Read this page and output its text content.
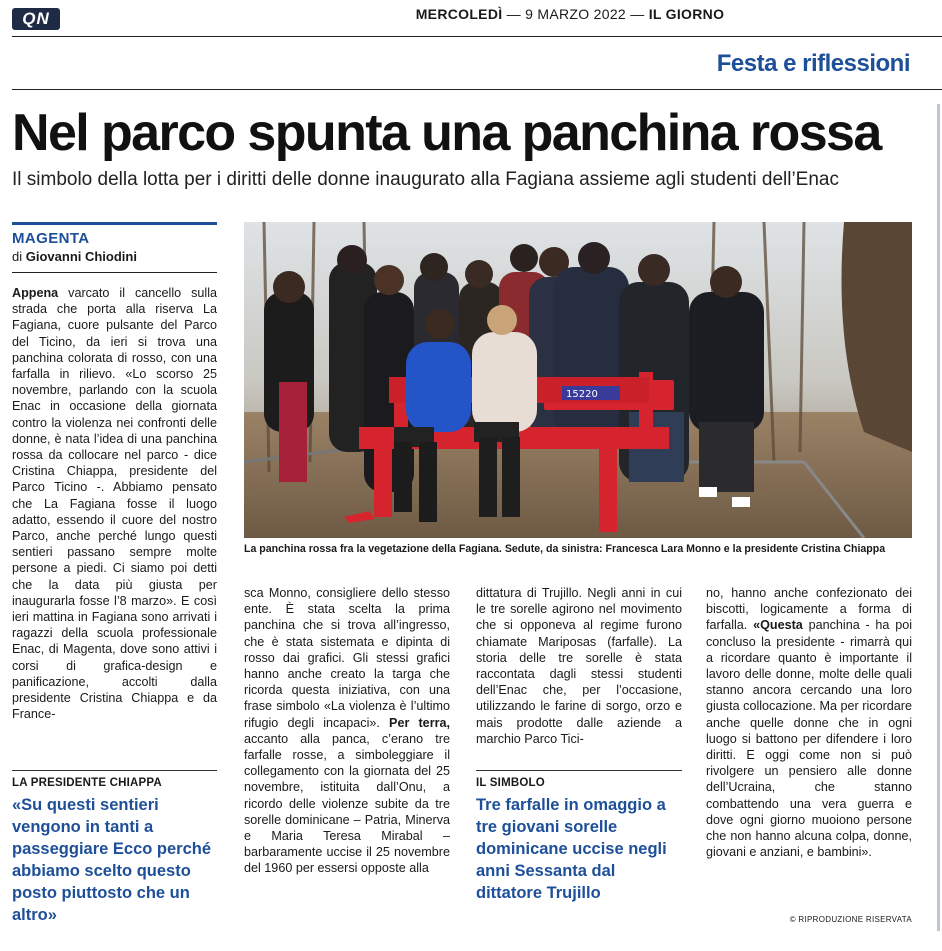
QN	MERCOLEDÌ — 9 MARZO 2022 — IL GIORNO
Festa e riflessioni
Nel parco spunta una panchina rossa
Il simbolo della lotta per i diritti delle donne inaugurato alla Fagiana assieme agli studenti dell’Enac
MAGENTA
di Giovanni Chiodini
Appena varcato il cancello sulla strada che porta alla riserva La Fagiana, cuore pulsante del Parco del Ticino, da ieri si trova una panchina colorata di rosso, con una farfalla in rilievo. «Lo scorso 25 novembre, parlando con la scuola Enac in occasione della giornata contro la violenza nei confronti delle donne, è nata l’idea di una panchina rossa da collocare nel parco - dice Cristina Chiappa, presidente del Parco Ticino -. Abbiamo pensato che La Fagiana fosse il luogo adatto, essendo il cuore del nostro Parco, anche perché lungo questi sentieri passano sempre molte persone a piedi. Ci siamo poi detti che la data più giusta per inaugurarla fosse l’8 marzo». E così ieri mattina in Fagiana sono arrivati i ragazzi della scuola professionale Enac, di Magenta, dove sono attivi i corsi di grafica-design e panificazione, accolti dalla presidente Cristina Chiappa e da France-
15220
La panchina rossa fra la vegetazione della Fagiana. Sedute, da sinistra: Francesca Lara Monno e la presidente Cristina Chiappa
sca Monno, consigliere dello stesso ente. È stata scelta la prima panchina che si trova all’ingresso, che è stata sistemata e dipinta di rosso dai grafici. Gli stessi grafici hanno anche creato la targa che ricorda questa iniziativa, con una frase simbolo «La violenza è l’ultimo rifugio degli incapaci». Per terra, accanto alla panca, c’erano tre farfalle rosse, a simboleggiare il collegamento con la giornata del 25 novembre, istituita dall’Onu, a ricordo delle violenze subite da tre sorelle dominicane – Patria, Minerva e Maria Teresa Mirabal – barbaramente uccise il 25 novembre del 1960 per essersi opposte alla
dittatura di Trujillo. Negli anni in cui le tre sorelle agirono nel movimento che si opponeva al regime furono chiamate Mariposas (farfalle). La storia delle tre sorelle è stata raccontata dagli stessi studenti dell’Enac che, per l’occasione, utilizzando le farine di sorgo, orzo e mais prodotte dalle aziende a marchio Parco Tici-
no, hanno anche confezionato dei biscotti, logicamente a forma di farfalla. «Questa panchina - ha poi concluso la presidente - rimarrà qui a ricordare quanto è importante il lavoro delle donne, molte delle quali stanno ancora cercando una loro giusta collocazione. Ma per ricordare anche quelle donne che in ogni luogo si battono per difendere i loro diritti. E oggi come non si può rivolgere un pensiero alle donne dell’Ucraina, che stanno combattendo una vera guerra e dove ogni giorno muoiono persone che non hanno alcuna colpa, donne, giovani e anziani, e bambini».
LA PRESIDENTE CHIAPPA
«Su questi sentieri vengono in tanti a passeggiare Ecco perché abbiamo scelto questo posto piuttosto che un altro»
IL SIMBOLO
Tre farfalle in omaggio a tre giovani sorelle dominicane uccise negli anni Sessanta dal dittatore Trujillo
© RIPRODUZIONE RISERVATA
